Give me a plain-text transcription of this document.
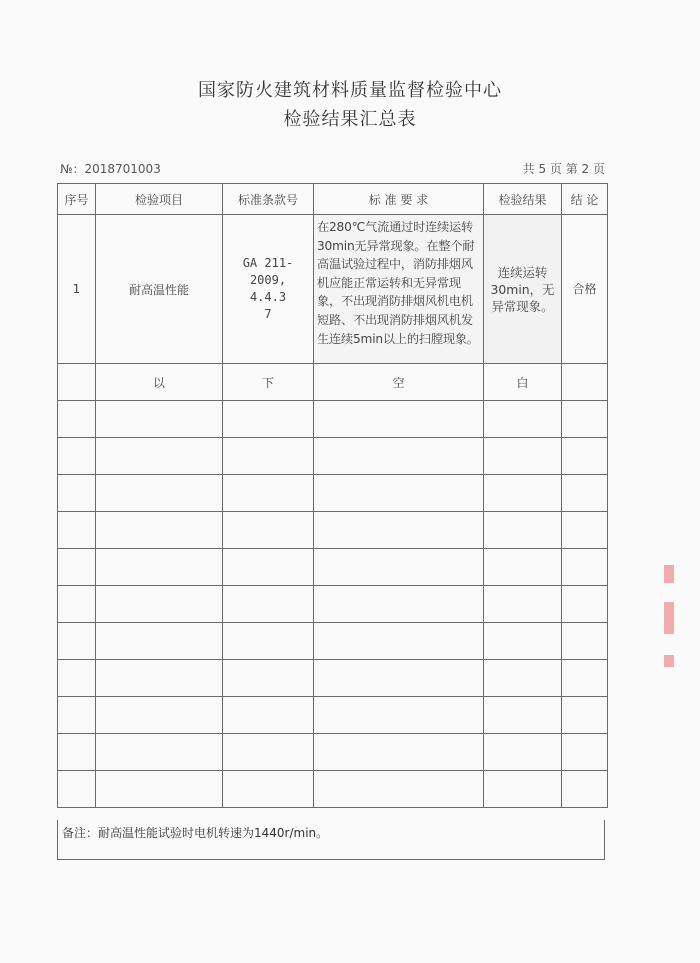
国家防火建筑材料质量监督检验中心
检验结果汇总表
№：2018701003	共 5 页 第 2 页
序号	检验项目	标准条款号	标 准 要 求	检验结果	结 论
1	耐高温性能	GA 211-
2009,
4.4.3
7	在280℃气流通过时连续运转30min无异常现象。在整个耐高温试验过程中，消防排烟风机应能正常运转和无异常现象，不出现消防排烟风机电机短路、不出现消防排烟风机发生连续5min以上的扫膛现象。	连续运转30min，无异常现象。	合格
	以	下	空	白	

备注：耐高温性能试验时电机转速为1440r/min。
